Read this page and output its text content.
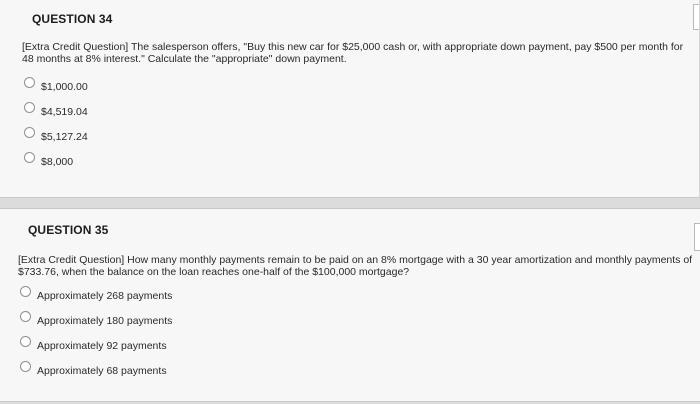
QUESTION 34
[Extra Credit Question] The salesperson offers, "Buy this new car for $25,000 cash or, with appropriate down payment, pay $500 per month for 48 months at 8% interest." Calculate the "appropriate" down payment.
$1,000.00
$4,519.04
$5,127.24
$8,000
QUESTION 35
[Extra Credit Question] How many monthly payments remain to be paid on an 8% mortgage with a 30 year amortization and monthly payments of $733.76, when the balance on the loan reaches one-half of the $100,000 mortgage?
Approximately 268 payments
Approximately 180 payments
Approximately 92 payments
Approximately 68 payments
